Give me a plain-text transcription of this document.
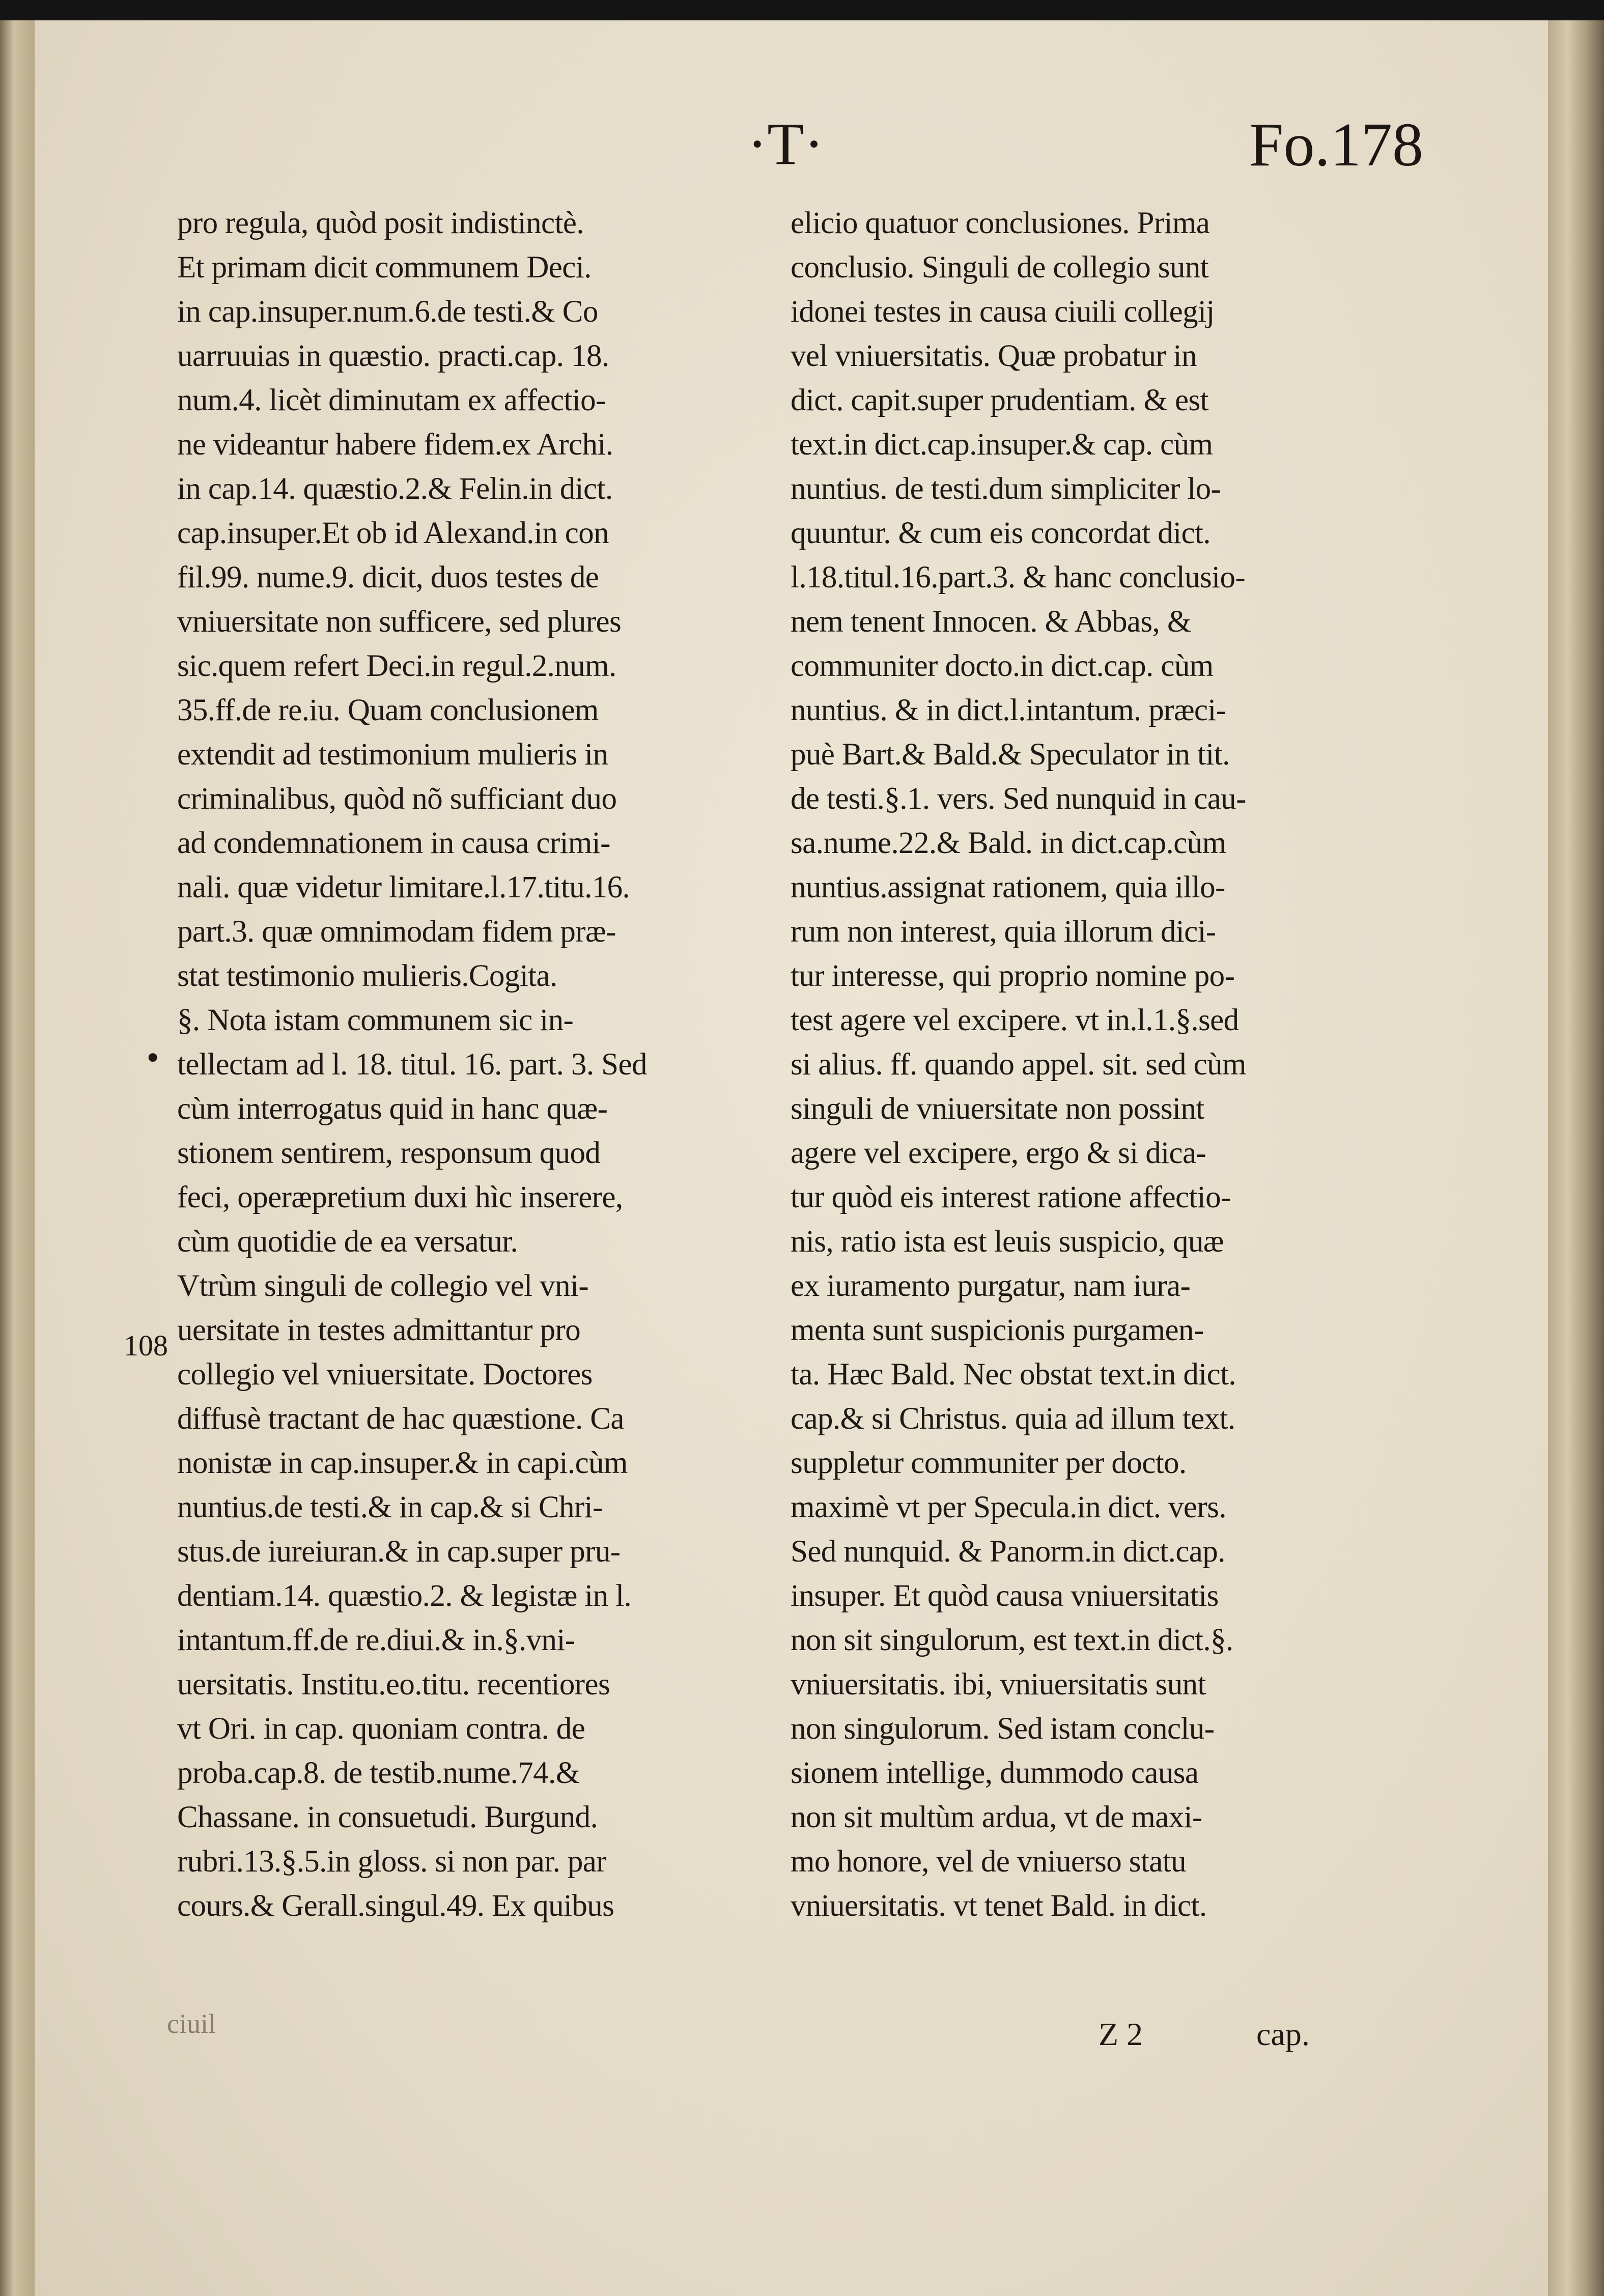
·T·	Fo.178
pro regula, quòd posit indistinctè.
Et primam dicit communem Deci.
in cap.insuper.num.6.de testi.& Co
uarruuias in quæstio. practi.cap. 18.
num.4. licèt diminutam ex affectio-
ne videantur habere fidem.ex Archi.
in cap.14. quæstio.2.& Felin.in dict.
cap.insuper.Et ob id Alexand.in con
fil.99. nume.9. dicit, duos testes de
vniuersitate non sufficere, sed plures
sic.quem refert Deci.in regul.2.num.
35.ff.de re.iu. Quam conclusionem
extendit ad testimonium mulieris in
criminalibus, quòd nõ sufficiant duo
ad condemnationem in causa crimi-
nali. quæ videtur limitare.l.17.titu.16.
part.3. quæ omnimodam fidem præ-
stat testimonio mulieris.Cogita.
§. Nota istam communem sic in-
tellectam ad l. 18. titul. 16. part. 3. Sed
cùm interrogatus quid in hanc quæ-
stionem sentirem, responsum quod
feci, operæpretium duxi hìc inserere,
cùm quotidie de ea versatur.
Vtrùm singuli de collegio vel vni-
uersitate in testes admittantur pro
collegio vel vniuersitate. Doctores
diffusè tractant de hac quæstione. Ca
nonistæ in cap.insuper.& in capi.cùm
nuntius.de testi.& in cap.& si Chri-
stus.de iureiuran.& in cap.super pru-
dentiam.14. quæstio.2. & legistæ in l.
intantum.ff.de re.diui.& in.§.vni-
uersitatis. Institu.eo.titu. recentiores
vt Ori. in cap. quoniam contra. de
proba.cap.8. de testib.nume.74.&
Chassane. in consuetudi. Burgund.
rubri.13.§.5.in gloss. si non par. par
cours.& Gerall.singul.49. Ex quibus
elicio quatuor conclusiones. Prima
conclusio. Singuli de collegio sunt
idonei testes in causa ciuili collegij
vel vniuersitatis. Quæ probatur in
dict. capit.super prudentiam. & est
text.in dict.cap.insuper.& cap. cùm
nuntius. de testi.dum simpliciter lo-
quuntur. & cum eis concordat dict.
l.18.titul.16.part.3. & hanc conclusio-
nem tenent Innocen. & Abbas, &
communiter docto.in dict.cap. cùm
nuntius. & in dict.l.intantum. præci-
puè Bart.& Bald.& Speculator in tit.
de testi.§.1. vers. Sed nunquid in cau-
sa.nume.22.& Bald. in dict.cap.cùm
nuntius.assignat rationem, quia illo-
rum non interest, quia illorum dici-
tur interesse, qui proprio nomine po-
test agere vel excipere. vt in.l.1.§.sed
si alius. ff. quando appel. sit. sed cùm
singuli de vniuersitate non possint
agere vel excipere, ergo & si dica-
tur quòd eis interest ratione affectio-
nis, ratio ista est leuis suspicio, quæ
ex iuramento purgatur, nam iura-
menta sunt suspicionis purgamen-
ta. Hæc Bald. Nec obstat text.in dict.
cap.& si Christus. quia ad illum text.
suppletur communiter per docto.
maximè vt per Specula.in dict. vers.
Sed nunquid. & Panorm.in dict.cap.
insuper. Et quòd causa vniuersitatis
non sit singulorum, est text.in dict.§.
vniuersitatis. ibi, vniuersitatis sunt
non singulorum. Sed istam conclu-
sionem intellige, dummodo causa
non sit multùm ardua, vt de maxi-
mo honore, vel de vniuerso statu
vniuersitatis. vt tenet Bald. in dict.
108
•
ciuil	Z 2	cap.
